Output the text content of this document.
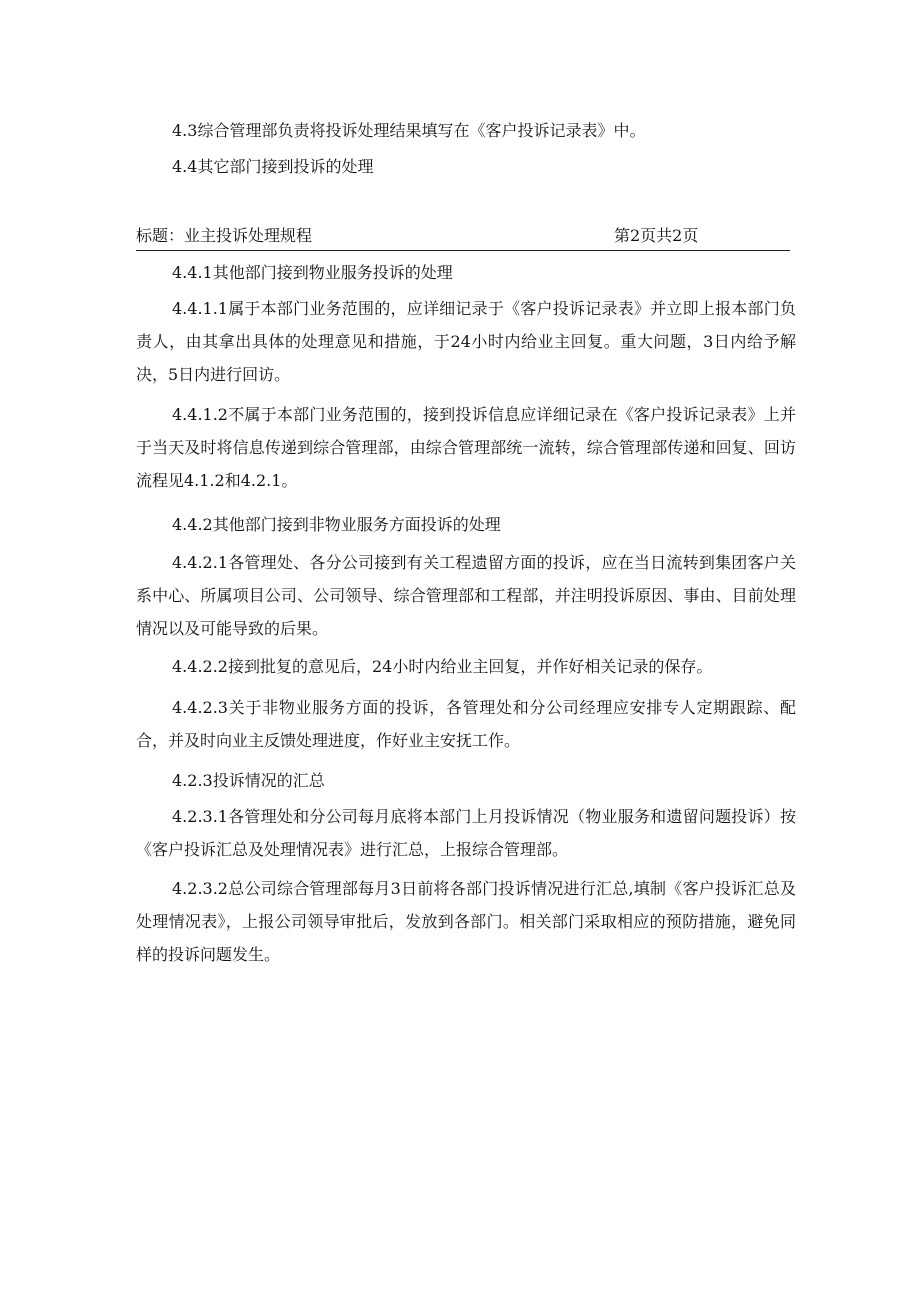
4.3综合管理部负责将投诉处理结果填写在《客户投诉记录表》中。

4.4其它部门接到投诉的处理

标题：业主投诉处理规程	第2页共2页

4.4.1其他部门接到物业服务投诉的处理

4.4.1.1属于本部门业务范围的，应详细记录于《客户投诉记录表》并立即上报本部门负责人，由其拿出具体的处理意见和措施，于24小时内给业主回复。重大问题，3日内给予解决，5日内进行回访。

4.4.1.2不属于本部门业务范围的，接到投诉信息应详细记录在《客户投诉记录表》上并于当天及时将信息传递到综合管理部，由综合管理部统一流转，综合管理部传递和回复、回访流程见4.1.2和4.2.1。

4.4.2其他部门接到非物业服务方面投诉的处理

4.4.2.1各管理处、各分公司接到有关工程遗留方面的投诉，应在当日流转到集团客户关系中心、所属项目公司、公司领导、综合管理部和工程部，并注明投诉原因、事由、目前处理情况以及可能导致的后果。

4.4.2.2接到批复的意见后，24小时内给业主回复，并作好相关记录的保存。

4.4.2.3关于非物业服务方面的投诉，各管理处和分公司经理应安排专人定期跟踪、配合，并及时向业主反馈处理进度，作好业主安抚工作。

4.2.3投诉情况的汇总

4.2.3.1各管理处和分公司每月底将本部门上月投诉情况（物业服务和遗留问题投诉）按《客户投诉汇总及处理情况表》进行汇总，上报综合管理部。

4.2.3.2总公司综合管理部每月3日前将各部门投诉情况进行汇总,填制《客户投诉汇总及处理情况表》，上报公司领导审批后，发放到各部门。相关部门采取相应的预防措施，避免同样的投诉问题发生。
